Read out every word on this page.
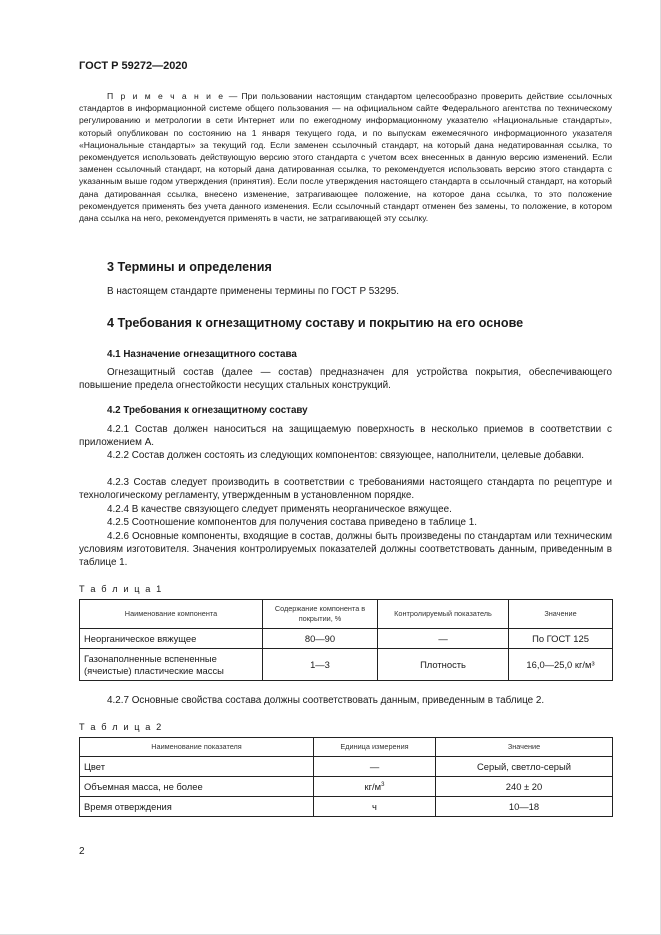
ГОСТ Р 59272—2020

П р и м е ч а н и е — При пользовании настоящим стандартом целесообразно проверить действие ссылочных стандартов в информационной системе общего пользования — на официальном сайте Федерального агентства по техническому регулированию и метрологии в сети Интернет или по ежегодному информационному указателю «Национальные стандарты», который опубликован по состоянию на 1 января текущего года, и по выпускам ежемесячного информационного указателя «Национальные стандарты» за текущий год. Если заменен ссылочный стандарт, на который дана недатированная ссылка, то рекомендуется использовать действующую версию этого стандарта с учетом всех внесенных в данную версию изменений. Если заменен ссылочный стандарт, на который дана датированная ссылка, то рекомендуется использовать версию этого стандарта с указанным выше годом утверждения (принятия). Если после утверждения настоящего стандарта в ссылочный стандарт, на который дана датированная ссылка, внесено изменение, затрагивающее положение, на которое дана ссылка, то это положение рекомендуется применять без учета данного изменения. Если ссылочный стандарт отменен без замены, то положение, в котором дана ссылка на него, рекомендуется применять в части, не затрагивающей эту ссылку.

3 Термины и определения
В настоящем стандарте применены термины по ГОСТ Р 53295.
4 Требования к огнезащитному составу и покрытию на его основе
4.1 Назначение огнезащитного состава

Огнезащитный состав (далее — состав) предназначен для устройства покрытия, обеспечивающего повышение предела огнестойкости несущих стальных конструкций.

4.2 Требования к огнезащитному составу

4.2.1 Состав должен наноситься на защищаемую поверхность в несколько приемов в соответствии с приложением А.

4.2.2 Состав должен состоять из следующих компонентов: связующее, наполнители, целевые добавки.

4.2.3 Состав следует производить в соответствии с требованиями настоящего стандарта по рецептуре и технологическому регламенту, утвержденным в установленном порядке.

4.2.4 В качестве связующего следует применять неорганическое вяжущее.

4.2.5 Соотношение компонентов для получения состава приведено в таблице 1.

4.2.6 Основные компоненты, входящие в состав, должны быть произведены по стандартам или техническим условиям изготовителя. Значения контролируемых показателей должны соответствовать данным, приведенным в таблице 1.

Т а б л и ц а 1
Наименование компонента	Содержание компонента в покрытии, %	Контролируемый показатель	Значение
Неорганическое вяжущее	80—90	—	По ГОСТ 125
Газонаполненные вспененные (ячеистые) пластические массы	1—3	Плотность	16,0—25,0 кг/м³

4.2.7 Основные свойства состава должны соответствовать данным, приведенным в таблице 2.

Т а б л и ц а 2
Наименование показателя	Единица измерения	Значение
Цвет	—	Серый, светло-серый
Объемная масса, не более	$кг/м^3$	240 ± 20
Время отверждения	ч	10—18
2
